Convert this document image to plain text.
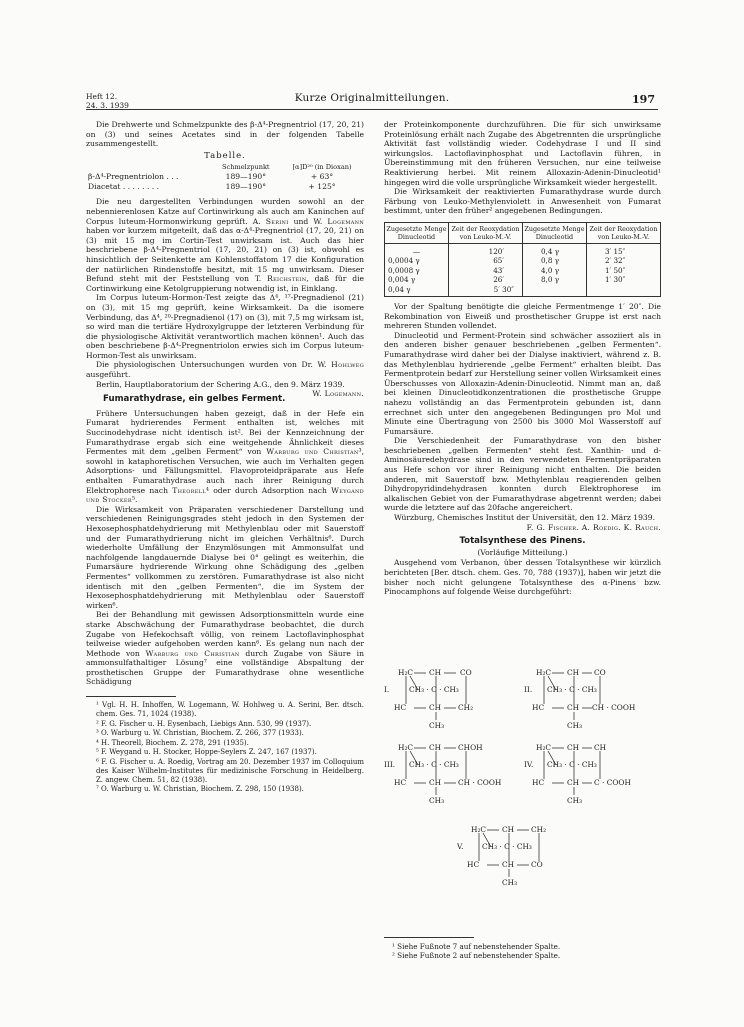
Heft 12.
24. 3. 1939
Kurze Originalmitteilungen.	197

Die Drehwerte und Schmelzpunkte des β-Δ⁴-Pregnentriol (17, 20, 21) on (3) und seines Acetates sind in der folgenden Tabelle zusammengestellt.

Tabelle.
	Schmelzpunkt	[α]D²⁰ (in Dioxan)
β-Δ⁴-Pregnentriolon . . .	189—190°	+ 63°
Diacetat . . . . . . . .	189—190°	+ 125°

Die neu dargestellten Verbindungen wurden sowohl an der nebennierenlosen Katze auf Cortinwirkung als auch am Kaninchen auf Corpus luteum-Hormonwirkung geprüft. A. Serini und W. Logemann haben vor kurzem mitgeteilt, daß das α-Δ⁴-Pregnentriol (17, 20, 21) on (3) mit 15 mg im Cortin-Test unwirksam ist. Auch das hier beschriebene β-Δ⁴-Pregnentriol (17, 20, 21) on (3) ist, obwohl es hinsichtlich der Seitenkette am Kohlenstoffatom 17 die Konfiguration der natürlichen Rindenstoffe besitzt, mit 15 mg unwirksam. Dieser Befund steht mit der Feststellung von T. Reichstein, daß für die Cortinwirkung eine Ketolgruppierung notwendig ist, in Einklang.

Im Corpus luteum-Hormon-Test zeigte das Δ⁴, ¹⁷-Pregnadienol (21) on (3), mit 15 mg geprüft, keine Wirksamkeit. Da die isomere Verbindung, das Δ⁴, ²⁰-Pregnadienol (17) on (3), mit 7,5 mg wirksam ist, so wird man die tertiäre Hydroxylgruppe der letzteren Verbindung für die physiologische Aktivität verantwortlich machen können¹. Auch das oben beschriebene β-Δ⁴-Pregnentriolon erwies sich im Corpus luteum-Hormon-Test als unwirksam.

Die physiologischen Untersuchungen wurden von Dr. W. Hohlweg ausgeführt.

Berlin, Hauptlaboratorium der Schering A.G., den 9. März 1939.
W. Logemann.

Fumarathydrase, ein gelbes Ferment.

Frühere Untersuchungen haben gezeigt, daß in der Hefe ein Fumarat hydrierendes Ferment enthalten ist, welches mit Succinodehydrase nicht identisch ist². Bei der Kennzeichnung der Fumarathydrase ergab sich eine weitgehende Ähnlichkeit dieses Fermentes mit dem „gelben Ferment“ von Warburg und Christian³, sowohl in kataphoretischen Versuchen, wie auch im Verhalten gegen Adsorptions- und Fällungsmittel. Flavoproteidpräparate aus Hefe enthalten Fumarathydrase auch nach ihrer Reinigung durch Elektrophorese nach Theorell⁴ oder durch Adsorption nach Weygand und Stocker⁵.

Die Wirksamkeit von Präparaten verschiedener Darstellung und verschiedenen Reinigungsgrades steht jedoch in den Systemen der Hexosephosphatdehydrierung mit Methylenblau oder mit Sauerstoff und der Fumarathydrierung nicht im gleichen Verhältnis⁶. Durch wiederholte Umfällung der Enzymlösungen mit Ammonsulfat und nachfolgende langdauernde Dialyse bei 0° gelingt es weiterhin, die Fumarsäure hydrierende Wirkung ohne Schädigung des „gelben Fermentes“ vollkommen zu zerstören. Fumarathydrase ist also nicht identisch mit den „gelben Fermenten“, die im System der Hexosephosphatdehydrierung mit Methylenblau oder Sauerstoff wirken⁶.

Bei der Behandlung mit gewissen Adsorptionsmitteln wurde eine starke Abschwächung der Fumarathydrase beobachtet, die durch Zugabe von Hefekochsaft völlig, von reinem Lactoflavinphosphat teilweise wieder aufgehoben werden kann⁶. Es gelang nun nach der Methode von Warburg und Christian durch Zugabe von Säure in ammonsulfathaltiger Lösung⁷ eine vollständige Abspaltung der prosthetischen Gruppe der Fumarathydrase ohne wesentliche Schädigung

¹ Vgl. H. H. Inhoffen, W. Logemann, W. Hohlweg u. A. Serini, Ber. dtsch. chem. Ges. 71, 1024 (1938).

² F. G. Fischer u. H. Eysenbach, Liebigs Ann. 530, 99 (1937).

³ O. Warburg u. W. Christian, Biochem. Z. 266, 377 (1933).

⁴ H. Theorell, Biochem. Z. 278, 291 (1935).

⁵ F. Weygand u. H. Stocker, Hoppe-Seylers Z. 247, 167 (1937).

⁶ F. G. Fischer u. A. Roedig, Vortrag am 20. Dezember 1937 im Colloquium des Kaiser Wilhelm-Institutes für medizinische Forschung in Heidelberg. Z. angew. Chem. 51, 82 (1938).

⁷ O. Warburg u. W. Christian, Biochem. Z. 298, 150 (1938).

der Proteinkomponente durchzuführen. Die für sich unwirksame Proteinlösung erhält nach Zugabe des Abgetrennten die ursprüngliche Aktivität fast vollständig wieder. Codehydrase I und II sind wirkungslos. Lactoflavinphosphat und Lactoflavin führen, in Übereinstimmung mit den früheren Versuchen, nur eine teilweise Reaktivierung herbei. Mit reinem Alloxazin-Adenin-Dinucleotid¹ hingegen wird die volle ursprüngliche Wirksamkeit wieder hergestellt.

Die Wirksamkeit der reaktivierten Fumarathydrase wurde durch Färbung von Leuko-Methylenviolett in Anwesenheit von Fumarat bestimmt, unter den früher² angegebenen Bedingungen.

Zugesetzte Menge Dinucleotid	Zeit der Reoxydation von Leuko-M.-V.	Zugesetzte Menge Dinucleotid	Zeit der Reoxydation von Leuko-M.-V.
—	120′	0,4 γ	3′ 15″
0,0004 γ	65′	0,8 γ	2′ 32″
0,0008 γ	43′	4,0 γ	1′ 50″
0,004 γ	26′	8,0 γ	1′ 30″
0,04 γ	5′ 30″		

Vor der Spaltung benötigte die gleiche Fermentmenge 1′ 20″. Die Rekombination von Eiweiß und prosthetischer Gruppe ist erst nach mehreren Stunden vollendet.

Dinucleotid und Ferment-Protein sind schwächer assoziiert als in den anderen bisher genauer beschriebenen „gelben Fermenten“. Fumarathydrase wird daher bei der Dialyse inaktiviert, während z. B. das Methylenblau hydrierende „gelbe Ferment“ erhalten bleibt. Das Fermentprotein bedarf zur Herstellung seiner vollen Wirksamkeit eines Überschusses von Alloxazin-Adenin-Dinucleotid. Nimmt man an, daß bei kleinen Dinucleotidkonzentrationen die prosthetische Gruppe nahezu vollständig an das Fermentprotein gebunden ist, dann errechnet sich unter den angegebenen Bedingungen pro Mol und Minute eine Übertragung von 2500 bis 3000 Mol Wasserstoff auf Fumarsäure.

Die Verschiedenheit der Fumarathydrase von den bisher beschriebenen „gelben Fermenten“ steht fest. Xanthin- und d-Aminosäuredehydrase sind in den verwendeten Fermentpräparaten aus Hefe schon vor ihrer Reinigung nicht enthalten. Die beiden anderen, mit Sauerstoff bzw. Methylenblau reagierenden gelben Dihydropyridindehydrasen konnten durch Elektrophorese im alkalischen Gebiet von der Fumarathydrase abgetrennt werden; dabei wurde die letztere auf das 20fache angereichert.

Würzburg, Chemisches Institut der Universität, den 12. März 1939.

F. G. Fischer. A. Roedig. K. Rauch.

Totalsynthese des Pinens.
(Vorläufige Mitteilung.)

Ausgehend vom Verbanon, über dessen Totalsynthese wir kürzlich berichteten [Ber. dtsch. chem. Ges. 70, 788 (1937)], haben wir jetzt die bisher noch nicht gelungene Totalsynthese des α-Pinens bzw. Pinocamphons auf folgende Weise durchgeführt:

I.
H₂C CH	CO
CH₃ · C · CH₃
HC	CH CH₂
CH₃
II.
H₂C CH CO
CH₃ · C · CH₃
HC	CH CH · COOH
CH₃
III.
H₂C CH CHOH
CH₃ · C · CH₃
HC	CH CH · COOH
CH₃
IV.
H₂C CH CH
CH₃ · C · CH₃
HC	CH C · COOH
CH₃
V.
H₂C CH CH₂
CH₃ · C · CH₃
HC	CH CO
CH₃

¹ Siehe Fußnote 7 auf nebenstehender Spalte.

² Siehe Fußnote 2 auf nebenstehender Spalte.
